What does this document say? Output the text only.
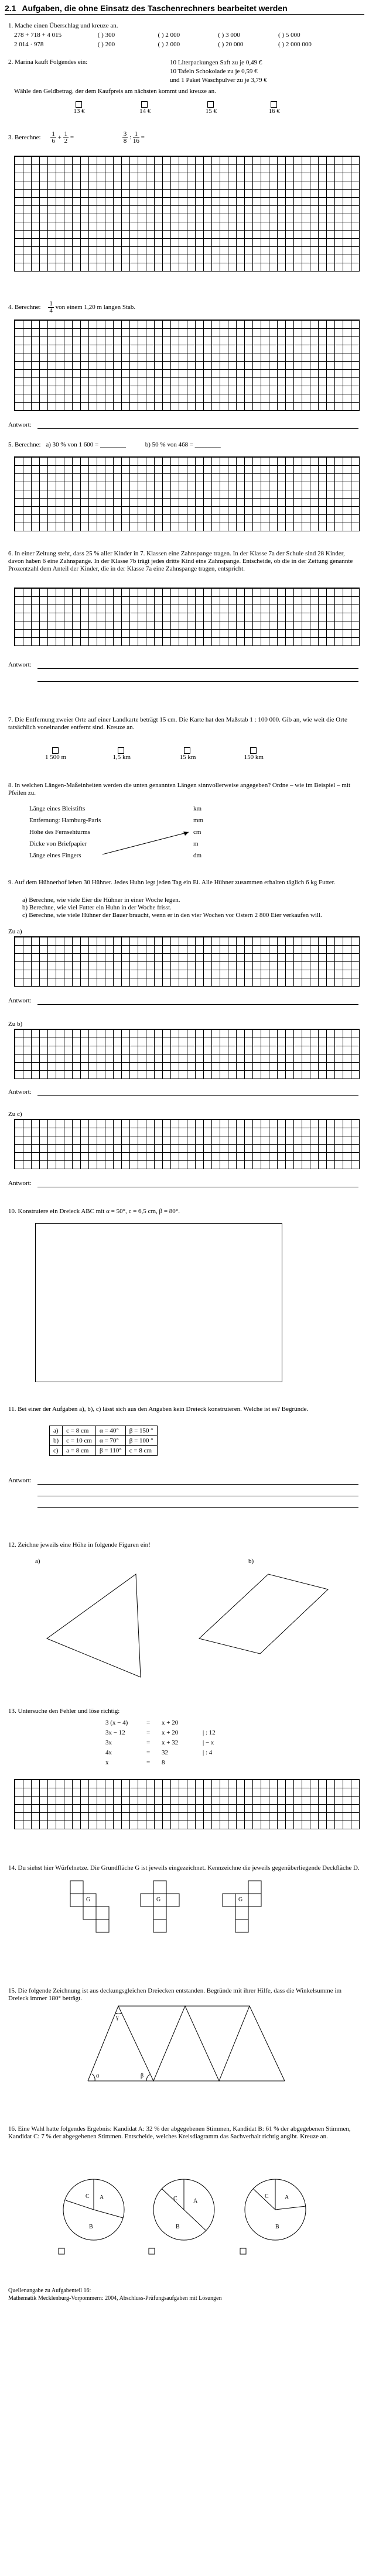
2.1 Aufgaben, die ohne Einsatz des Taschenrechners bearbeitet werden
1. Mache einen Überschlag und kreuze an.
278 + 718 + 4 015	( ) 300	( ) 2 000	( ) 3 000	( ) 5 000
2 014 · 978	( ) 200	( ) 2 000	( ) 20 000	( ) 2 000 000
2. Marina kauft Folgendes ein:	10 Literpackungen Saft zu je 0,49 €
10 Tafeln Schokolade zu je 0,59 €
und 1 Paket Waschpulver zu je 3,79 €
Wähle den Geldbetrag, der dem Kaufpreis am nächsten kommt und kreuze an.

13 €	14 €	15 €	16 €
3. Berechne: $\frac{1}{6} + \frac{1}{2}$ =	$\frac{3}{8}$ : $\frac{1}{16}$ =
4. Berechne: $\frac{1}{4}$ von einem 1,20 m langen Stab.
Antwort:
5. Berechne: a) 30 % von 1 600 = ________	b) 50 % von 468 = ________
6. In einer Zeitung steht, dass 25 % aller Kinder in 7. Klassen eine Zahnspange tragen. In der Klasse 7a der Schule sind 28 Kinder, davon haben 6 eine Zahnspange. In der Klasse 7b trägt jedes dritte Kind eine Zahnspange. Entscheide, ob die in der Zeitung genannte Prozentzahl dem Anteil der Kinder, die in der Klasse 7a eine Zahnspange tragen, entspricht.
Antwort:
7. Die Entfernung zweier Orte auf einer Landkarte beträgt 15 cm. Die Karte hat den Maßstab 1 : 100 000. Gib an, wie weit die Orte tatsächlich voneinander entfernt sind. Kreuze an.

1 500 m	1,5 km	15 km	150 km
8. In welchen Längen-Maßeinheiten werden die unten genannten Längen sinnvollerweise angegeben? Ordne – wie im Beispiel – mit Pfeilen zu.
Länge eines Bleistifts
Entfernung: Hamburg-Paris
Höhe des Fernsehturms
Dicke von Briefpapier
Länge eines Fingers
km
mm
cm
m
dm
9. Auf dem Hühnerhof leben 30 Hühner. Jedes Huhn legt jeden Tag ein Ei. Alle Hühner zusammen erhalten täglich 6 kg Futter.
a) Berechne, wie viele Eier die Hühner in einer Woche legen.
b) Berechne, wie viel Futter ein Huhn in der Woche frisst.
c) Berechne, wie viele Hühner der Bauer braucht, wenn er in den vier Wochen vor Ostern 2 800 Eier verkaufen will.
Zu a)
Antwort:
Zu b)
Antwort:
Zu c)
Antwort:
10. Konstruiere ein Dreieck ABC mit α = 50°, c = 6,5 cm, β = 80°.
11. Bei einer der Aufgaben a), b), c) lässt sich aus den Angaben kein Dreieck konstruieren. Welche ist es? Begründe.
a)	c = 8 cm	α = 40°	β = 150 °
b)	c = 10 cm	α = 70°	β = 100 °
c)	a = 8 cm	β = 110°	c = 8 cm
Antwort:
12. Zeichne jeweils eine Höhe in folgende Figuren ein!
a)	b)
13. Untersuche den Fehler und löse richtig:
3 (x − 4)	= x + 20
3x − 12	= x + 20	| : 12
3x	= x + 32	| − x
4x	= 32	| : 4
x	= 8
14. Du siehst hier Würfelnetze. Die Grundfläche G ist jeweils eingezeichnet. Kennzeichne die jeweils gegenüberliegende Deckfläche D.
G	G	G
15. Die folgende Zeichnung ist aus deckungsgleichen Dreiecken entstanden. Begründe mit ihrer Hilfe, dass die Winkelsumme im Dreieck immer 180° beträgt.
α	β
γ
16. Eine Wahl hatte folgendes Ergebnis: Kandidat A: 32 % der abgegebenen Stimmen, Kandidat B: 61 % der abgegebenen Stimmen, Kandidat C: 7 % der abgegebenen Stimmen. Entscheide, welches Kreisdiagramm das Sachverhalt richtig angibt. Kreuze an.
C A
B
C	A
B
C	A
B
Quellenangabe zu Aufgabenteil 16:
Mathematik Mecklenburg-Vorpommern: 2004, Abschluss-Prüfungsaufgaben mit Lösungen
